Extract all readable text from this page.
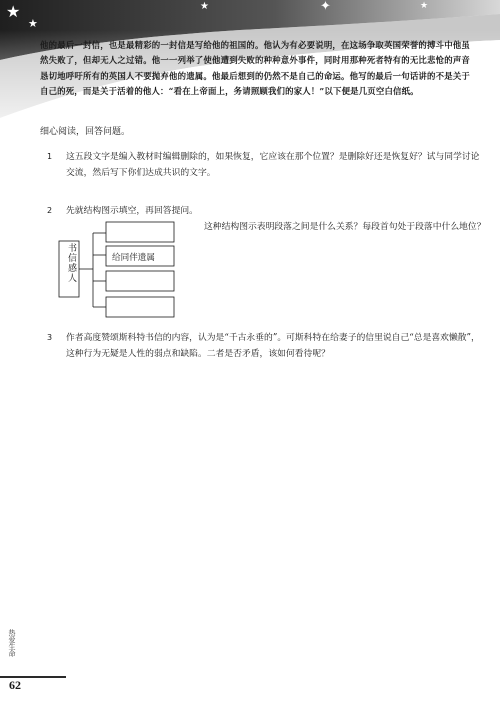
★
★
★	✦	★
他的最后一封信，也是最精彩的一封信是写给他的祖国的。他认为有必要说明，在这场争取英国荣誉的搏斗中他虽然失败了，但却无人之过错。他一一列举了使他遭到失败的种种意外事件，同时用那种死者特有的无比悲怆的声音恳切地呼吁所有的英国人不要抛弃他的遗属。他最后想到的仍然不是自己的命运。他写的最后一句话讲的不是关于自己的死，而是关于活着的他人：“看在上帝面上，务请照顾我们的家人！”以下便是几页空白信纸。
细心阅读，回答问题。
1	这五段文字是编入教材时编辑删除的，如果恢复，它应该在那个位置？是删除好还是恢复好？试与同学讨论交流，然后写下你们达成共识的文字。
2	先就结构图示填空，再回答提问。
书信感人	给同伴遗属
这种结构图示表明段落之间是什么关系？每段首句处于段落中什么地位？
3	作者高度赞颂斯科特书信的内容，认为是“千古永垂的”。可斯科特在给妻子的信里说自己“总是喜欢懒散”，这种行为无疑是人性的弱点和缺陷。二者是否矛盾，该如何看待呢？
热爱生命
62
